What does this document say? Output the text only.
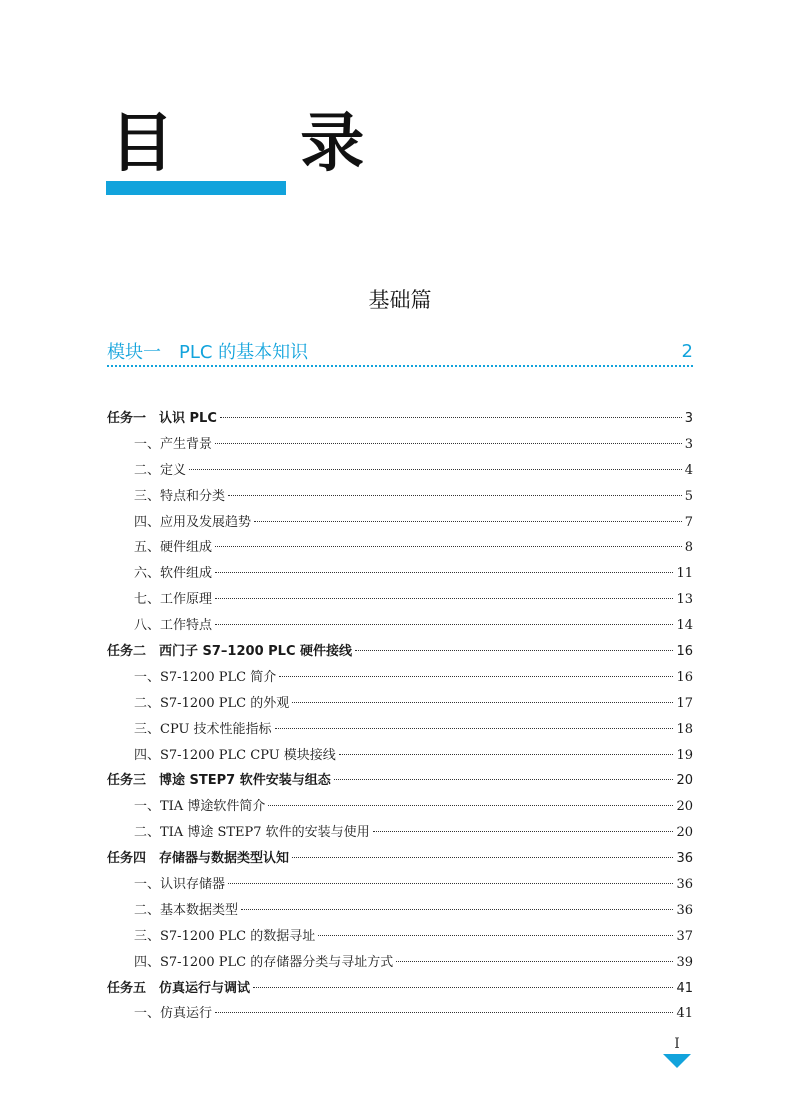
目 录
基础篇
模块一　PLC 的基本知识	2
任务一　认识 PLC	3
一、产生背景	3
二、定义	4
三、特点和分类	5
四、应用及发展趋势	7
五、硬件组成	8
六、软件组成	11
七、工作原理	13
八、工作特点	14
任务二　西门子 S7–1200 PLC 硬件接线	16
一、S7-1200 PLC 简介	16
二、S7-1200 PLC 的外观	17
三、CPU 技术性能指标	18
四、S7-1200 PLC CPU 模块接线	19
任务三　博途 STEP7 软件安装与组态	20
一、TIA 博途软件简介	20
二、TIA 博途 STEP7 软件的安装与使用	20
任务四　存储器与数据类型认知	36
一、认识存储器	36
二、基本数据类型	36
三、S7-1200 PLC 的数据寻址	37
四、S7-1200 PLC 的存储器分类与寻址方式	39
任务五　仿真运行与调试	41
一、仿真运行	41
I
